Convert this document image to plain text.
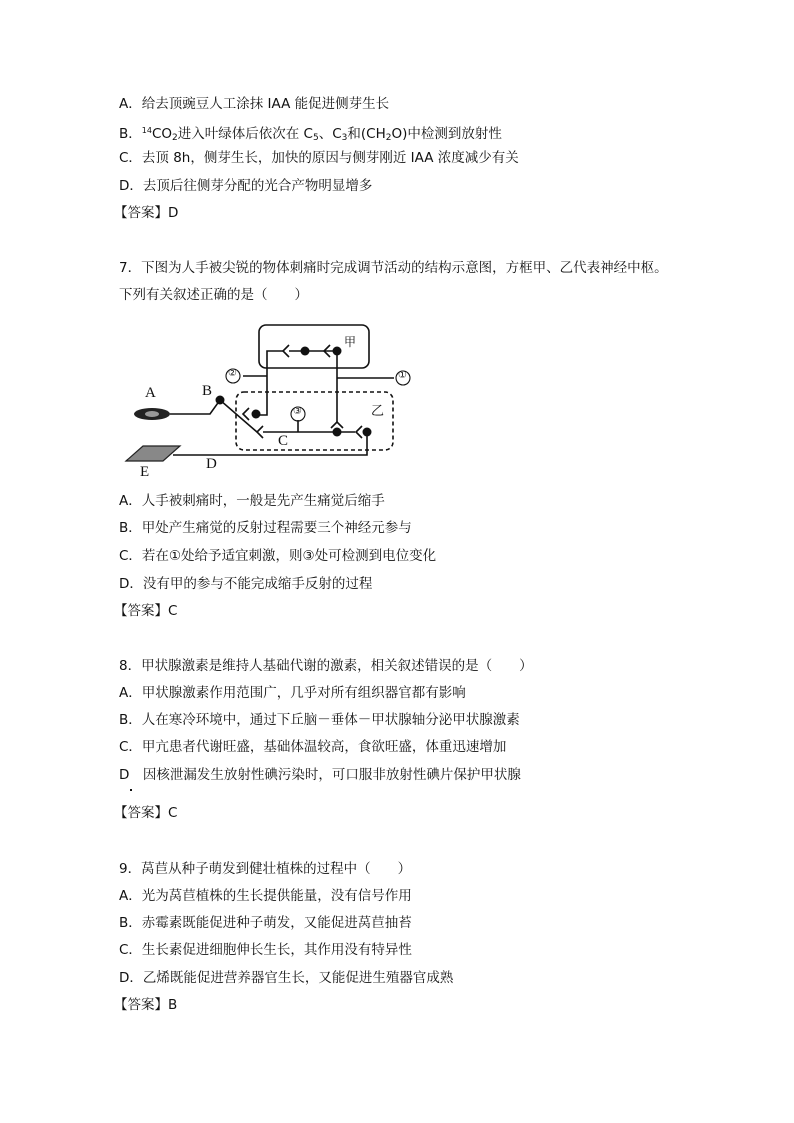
A．给去顶豌豆人工涂抹 IAA 能促进侧芽生长
B．$^{14}CO_2$进入叶绿体后依次在 $C_5$、$C_3$和$(CH_2O)$中检测到放射性
C．去顶 8h，侧芽生长，加快的原因与侧芽刚近 IAA 浓度减少有关
D．去顶后往侧芽分配的光合产物明显增多
【答案】D
7．下图为人手被尖锐的物体刺痛时完成调节活动的结构示意图，方框甲、乙代表神经中枢。
下列有关叙述正确的是（　　）
A	B
C
D
E
甲
乙
②	①
③
A．人手被刺痛时，一般是先产生痛觉后缩手
B．甲处产生痛觉的反射过程需要三个神经元参与
C．若在①处给予适宜刺激，则③处可检测到电位变化
D．没有甲的参与不能完成缩手反射的过程
【答案】C
8．甲状腺激素是维持人基础代谢的激素，相关叙述错误的是（　　）
A．甲状腺激素作用范围广，几乎对所有组织器官都有影响
B．人在寒冷环境中，通过下丘脑－垂体－甲状腺轴分泌甲状腺激素
C．甲亢患者代谢旺盛，基础体温较高，食欲旺盛，体重迅速增加
D　因核泄漏发生放射性碘污染时，可口服非放射性碘片保护甲状腺
【答案】C
9．莴苣从种子萌发到健壮植株的过程中（　　）
A．光为莴苣植株的生长提供能量，没有信号作用
B．赤霉素既能促进种子萌发，又能促进莴苣抽苔
C．生长素促进细胞伸长生长，其作用没有特异性
D．乙烯既能促进营养器官生长，又能促进生殖器官成熟
【答案】B
